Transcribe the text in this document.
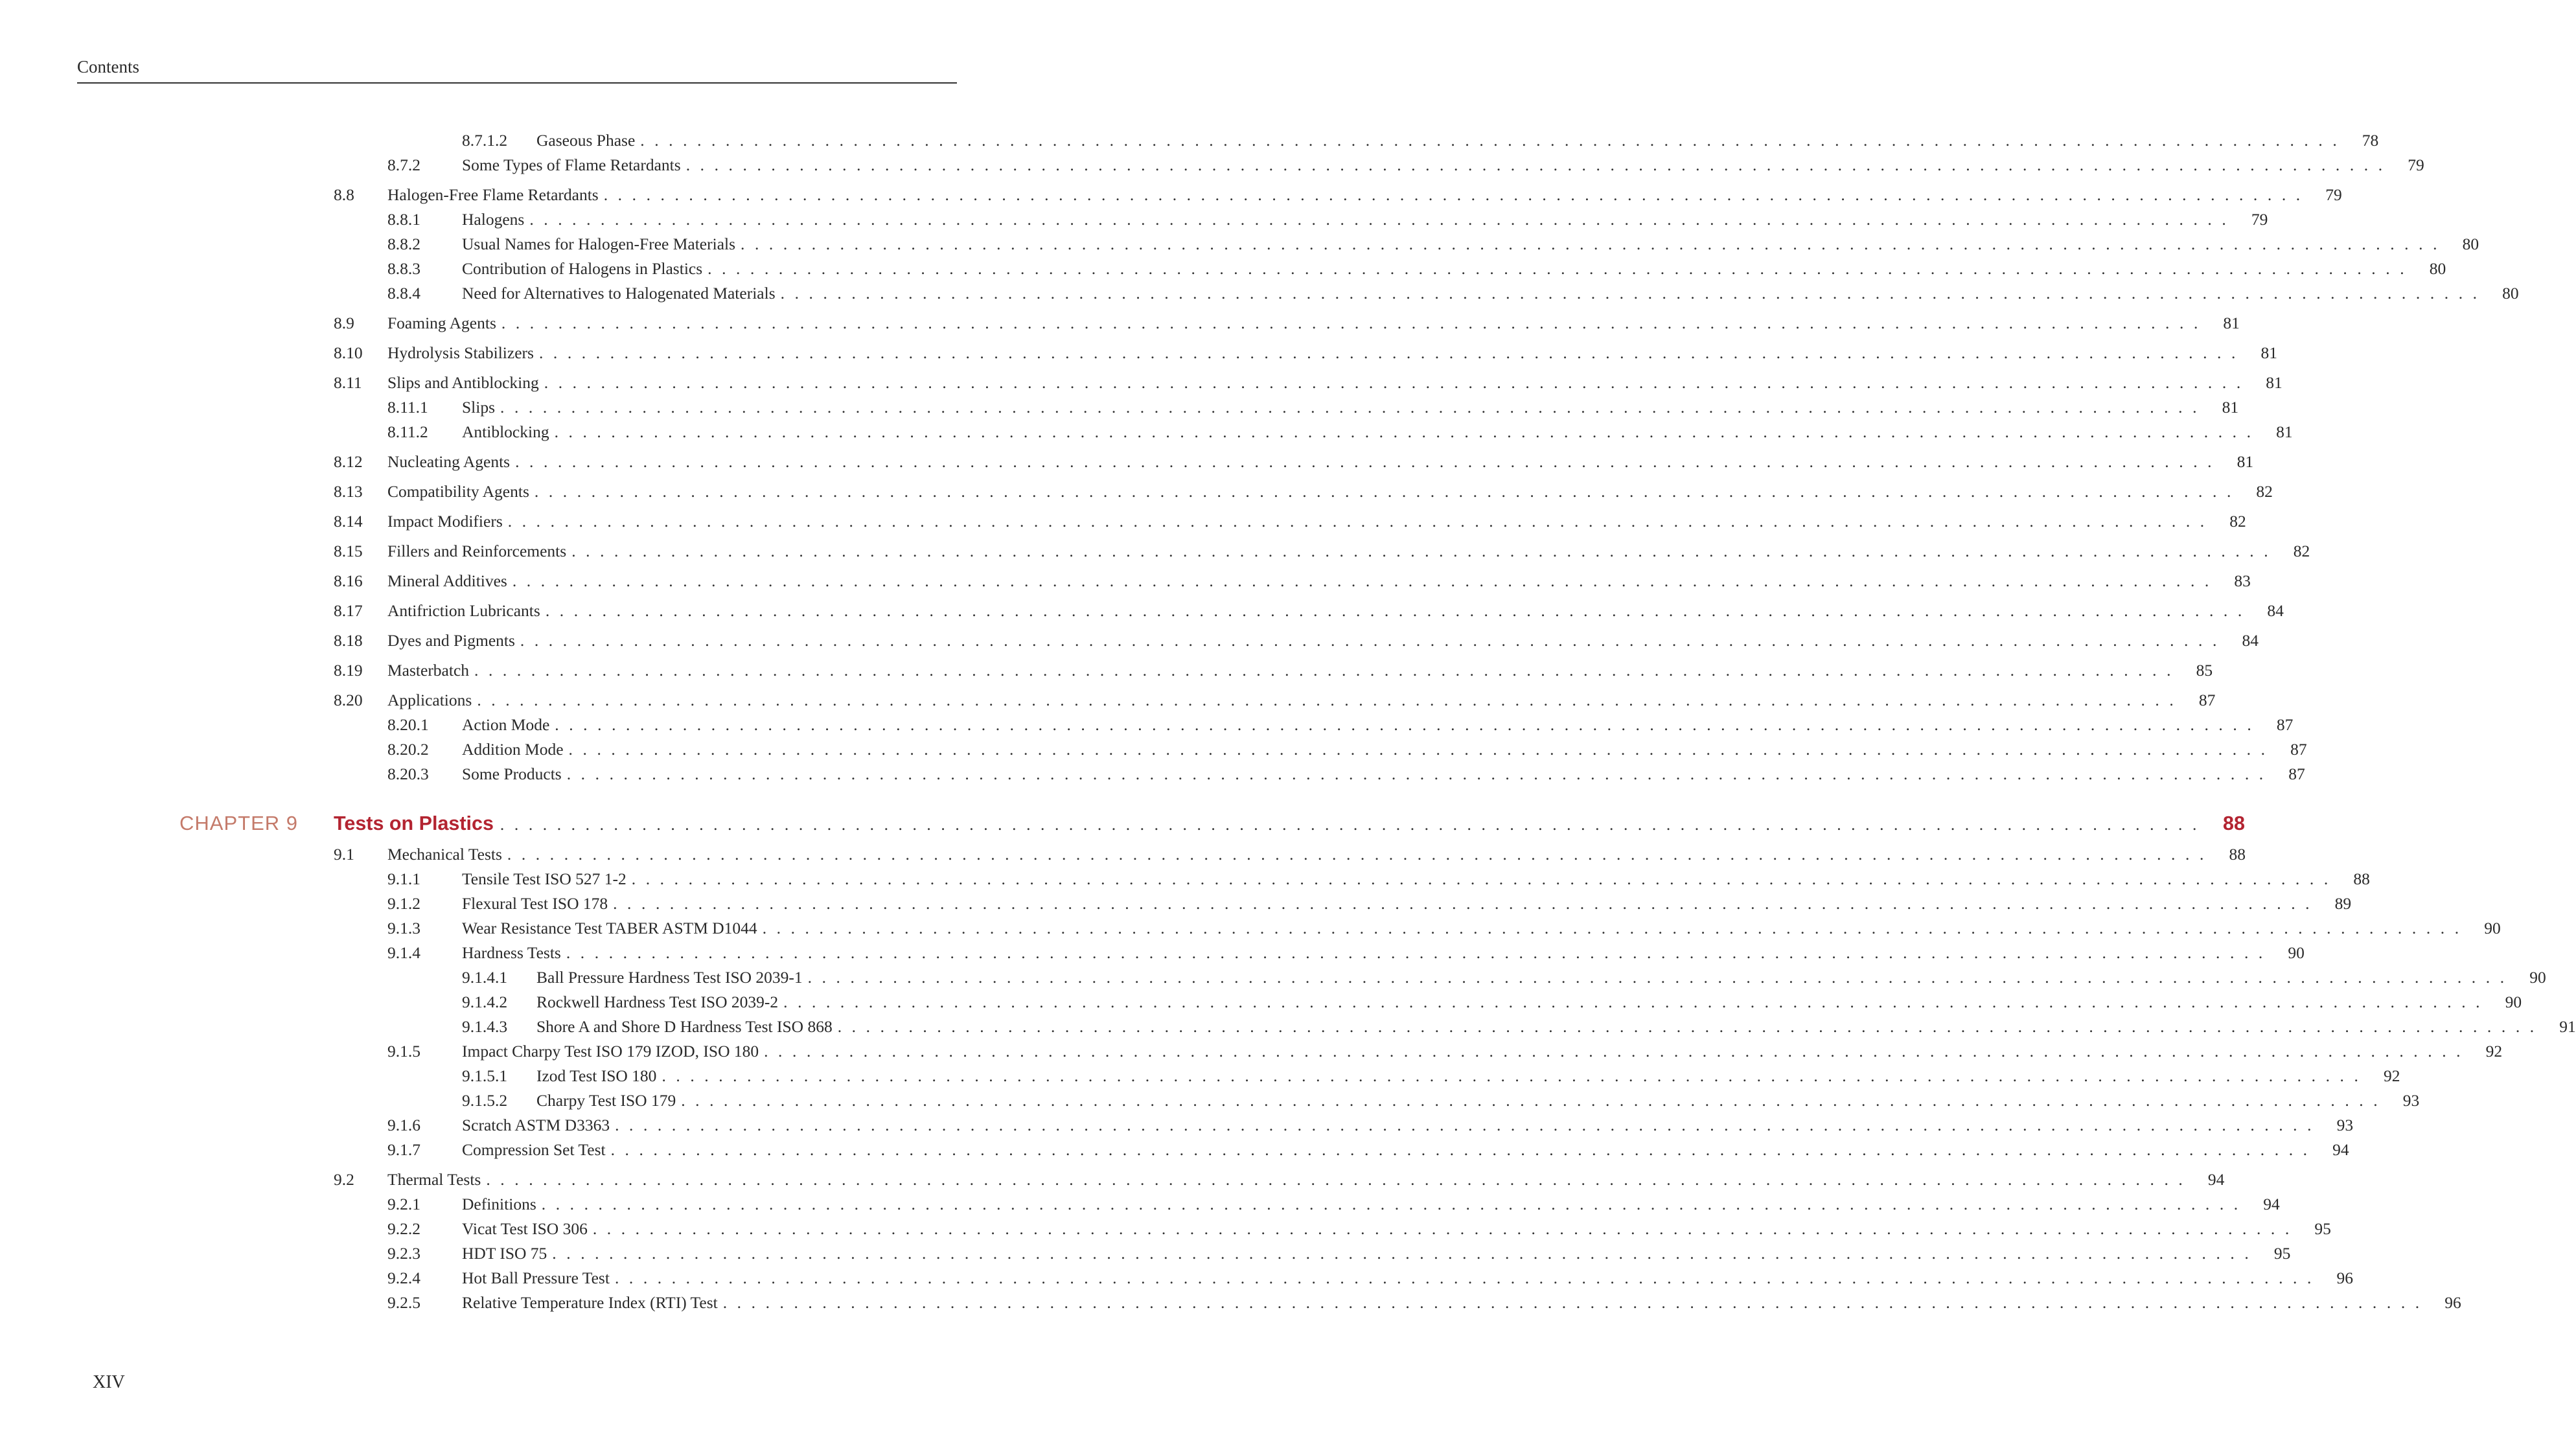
Contents
8.7.1.2	Gaseous Phase . . . . . . . . . . . . . . . . . . . . . . . . . . . . . . . . . . . . . . . . . . . . . . . . . . . . . . . . . . . . . . . . . . . . . . . . . . . . . . . . . . . . . . . . . . . . . . . . . . . . . . . . . . . . . . . . . . . . . . . .	78
8.7.2	Some Types of Flame Retardants . . . . . . . . . . . . . . . . . . . . . . . . . . . . . . . . . . . . . . . . . . . . . . . . . . . . . . . . . . . . . . . . . . . . . . . . . . . . . . . . . . . . . . . . . . . . . . . . . . . . . . . . . . . . . . . . . . . . . . . .	79
8.8	Halogen-Free Flame Retardants . . . . . . . . . . . . . . . . . . . . . . . . . . . . . . . . . . . . . . . . . . . . . . . . . . . . . . . . . . . . . . . . . . . . . . . . . . . . . . . . . . . . . . . . . . . . . . . . . . . . . . . . . . . . . . . . . . . . . . . .	79
8.8.1	Halogens . . . . . . . . . . . . . . . . . . . . . . . . . . . . . . . . . . . . . . . . . . . . . . . . . . . . . . . . . . . . . . . . . . . . . . . . . . . . . . . . . . . . . . . . . . . . . . . . . . . . . . . . . . . . . . . . . . . . . . . .	79
8.8.2	Usual Names for Halogen-Free Materials . . . . . . . . . . . . . . . . . . . . . . . . . . . . . . . . . . . . . . . . . . . . . . . . . . . . . . . . . . . . . . . . . . . . . . . . . . . . . . . . . . . . . . . . . . . . . . . . . . . . . . . . . . . . . . . . . . . . . . . .	80
8.8.3	Contribution of Halogens in Plastics . . . . . . . . . . . . . . . . . . . . . . . . . . . . . . . . . . . . . . . . . . . . . . . . . . . . . . . . . . . . . . . . . . . . . . . . . . . . . . . . . . . . . . . . . . . . . . . . . . . . . . . . . . . . . . . . . . . . . . . .	80
8.8.4	Need for Alternatives to Halogenated Materials . . . . . . . . . . . . . . . . . . . . . . . . . . . . . . . . . . . . . . . . . . . . . . . . . . . . . . . . . . . . . . . . . . . . . . . . . . . . . . . . . . . . . . . . . . . . . . . . . . . . . . . . . . . . . . . . . . . . . . . .	80
8.9	Foaming Agents . . . . . . . . . . . . . . . . . . . . . . . . . . . . . . . . . . . . . . . . . . . . . . . . . . . . . . . . . . . . . . . . . . . . . . . . . . . . . . . . . . . . . . . . . . . . . . . . . . . . . . . . . . . . . . . . . . . . . . . .	81
8.10	Hydrolysis Stabilizers . . . . . . . . . . . . . . . . . . . . . . . . . . . . . . . . . . . . . . . . . . . . . . . . . . . . . . . . . . . . . . . . . . . . . . . . . . . . . . . . . . . . . . . . . . . . . . . . . . . . . . . . . . . . . . . . . . . . . . . .	81
8.11	Slips and Antiblocking . . . . . . . . . . . . . . . . . . . . . . . . . . . . . . . . . . . . . . . . . . . . . . . . . . . . . . . . . . . . . . . . . . . . . . . . . . . . . . . . . . . . . . . . . . . . . . . . . . . . . . . . . . . . . . . . . . . . . . . .	81
8.11.1	Slips . . . . . . . . . . . . . . . . . . . . . . . . . . . . . . . . . . . . . . . . . . . . . . . . . . . . . . . . . . . . . . . . . . . . . . . . . . . . . . . . . . . . . . . . . . . . . . . . . . . . . . . . . . . . . . . . . . . . . . . .	81
8.11.2	Antiblocking . . . . . . . . . . . . . . . . . . . . . . . . . . . . . . . . . . . . . . . . . . . . . . . . . . . . . . . . . . . . . . . . . . . . . . . . . . . . . . . . . . . . . . . . . . . . . . . . . . . . . . . . . . . . . . . . . . . . . . . .	81
8.12	Nucleating Agents . . . . . . . . . . . . . . . . . . . . . . . . . . . . . . . . . . . . . . . . . . . . . . . . . . . . . . . . . . . . . . . . . . . . . . . . . . . . . . . . . . . . . . . . . . . . . . . . . . . . . . . . . . . . . . . . . . . . . . . .	81
8.13	Compatibility Agents . . . . . . . . . . . . . . . . . . . . . . . . . . . . . . . . . . . . . . . . . . . . . . . . . . . . . . . . . . . . . . . . . . . . . . . . . . . . . . . . . . . . . . . . . . . . . . . . . . . . . . . . . . . . . . . . . . . . . . . .	82
8.14	Impact Modifiers . . . . . . . . . . . . . . . . . . . . . . . . . . . . . . . . . . . . . . . . . . . . . . . . . . . . . . . . . . . . . . . . . . . . . . . . . . . . . . . . . . . . . . . . . . . . . . . . . . . . . . . . . . . . . . . . . . . . . . . .	82
8.15	Fillers and Reinforcements . . . . . . . . . . . . . . . . . . . . . . . . . . . . . . . . . . . . . . . . . . . . . . . . . . . . . . . . . . . . . . . . . . . . . . . . . . . . . . . . . . . . . . . . . . . . . . . . . . . . . . . . . . . . . . . . . . . . . . . .	82
8.16	Mineral Additives . . . . . . . . . . . . . . . . . . . . . . . . . . . . . . . . . . . . . . . . . . . . . . . . . . . . . . . . . . . . . . . . . . . . . . . . . . . . . . . . . . . . . . . . . . . . . . . . . . . . . . . . . . . . . . . . . . . . . . . .	83
8.17	Antifriction Lubricants . . . . . . . . . . . . . . . . . . . . . . . . . . . . . . . . . . . . . . . . . . . . . . . . . . . . . . . . . . . . . . . . . . . . . . . . . . . . . . . . . . . . . . . . . . . . . . . . . . . . . . . . . . . . . . . . . . . . . . . .	84
8.18	Dyes and Pigments . . . . . . . . . . . . . . . . . . . . . . . . . . . . . . . . . . . . . . . . . . . . . . . . . . . . . . . . . . . . . . . . . . . . . . . . . . . . . . . . . . . . . . . . . . . . . . . . . . . . . . . . . . . . . . . . . . . . . . . .	84
8.19	Masterbatch . . . . . . . . . . . . . . . . . . . . . . . . . . . . . . . . . . . . . . . . . . . . . . . . . . . . . . . . . . . . . . . . . . . . . . . . . . . . . . . . . . . . . . . . . . . . . . . . . . . . . . . . . . . . . . . . . . . . . . . .	85
8.20	Applications . . . . . . . . . . . . . . . . . . . . . . . . . . . . . . . . . . . . . . . . . . . . . . . . . . . . . . . . . . . . . . . . . . . . . . . . . . . . . . . . . . . . . . . . . . . . . . . . . . . . . . . . . . . . . . . . . . . . . . . .	87
8.20.1	Action Mode . . . . . . . . . . . . . . . . . . . . . . . . . . . . . . . . . . . . . . . . . . . . . . . . . . . . . . . . . . . . . . . . . . . . . . . . . . . . . . . . . . . . . . . . . . . . . . . . . . . . . . . . . . . . . . . . . . . . . . . .	87
8.20.2	Addition Mode . . . . . . . . . . . . . . . . . . . . . . . . . . . . . . . . . . . . . . . . . . . . . . . . . . . . . . . . . . . . . . . . . . . . . . . . . . . . . . . . . . . . . . . . . . . . . . . . . . . . . . . . . . . . . . . . . . . . . . . .	87
8.20.3	Some Products . . . . . . . . . . . . . . . . . . . . . . . . . . . . . . . . . . . . . . . . . . . . . . . . . . . . . . . . . . . . . . . . . . . . . . . . . . . . . . . . . . . . . . . . . . . . . . . . . . . . . . . . . . . . . . . . . . . . . . . .	87
CHAPTER 9 Tests on Plastics . . . . . . . . . . . . . . . . . . . . . . . . . . . . . . . . . . . . . . . . . . . . . . . . . . . . . . . . . . . . . . . . . . . . . . . . . . . . . . . . . . . . . . . . . . . . . . . . . . . . . . . . . . . . . . . . . . . . . . . .	88
9.1	Mechanical Tests . . . . . . . . . . . . . . . . . . . . . . . . . . . . . . . . . . . . . . . . . . . . . . . . . . . . . . . . . . . . . . . . . . . . . . . . . . . . . . . . . . . . . . . . . . . . . . . . . . . . . . . . . . . . . . . . . . . . . . . .	88
9.1.1	Tensile Test ISO 527 1-2 . . . . . . . . . . . . . . . . . . . . . . . . . . . . . . . . . . . . . . . . . . . . . . . . . . . . . . . . . . . . . . . . . . . . . . . . . . . . . . . . . . . . . . . . . . . . . . . . . . . . . . . . . . . . . . . . . . . . . . . .	88
9.1.2	Flexural Test ISO 178 . . . . . . . . . . . . . . . . . . . . . . . . . . . . . . . . . . . . . . . . . . . . . . . . . . . . . . . . . . . . . . . . . . . . . . . . . . . . . . . . . . . . . . . . . . . . . . . . . . . . . . . . . . . . . . . . . . . . . . . .	89
9.1.3	Wear Resistance Test TABER ASTM D1044 . . . . . . . . . . . . . . . . . . . . . . . . . . . . . . . . . . . . . . . . . . . . . . . . . . . . . . . . . . . . . . . . . . . . . . . . . . . . . . . . . . . . . . . . . . . . . . . . . . . . . . . . . . . . . . . . . . . . . . . .	90
9.1.4	Hardness Tests . . . . . . . . . . . . . . . . . . . . . . . . . . . . . . . . . . . . . . . . . . . . . . . . . . . . . . . . . . . . . . . . . . . . . . . . . . . . . . . . . . . . . . . . . . . . . . . . . . . . . . . . . . . . . . . . . . . . . . . .	90
9.1.4.1	Ball Pressure Hardness Test ISO 2039-1 . . . . . . . . . . . . . . . . . . . . . . . . . . . . . . . . . . . . . . . . . . . . . . . . . . . . . . . . . . . . . . . . . . . . . . . . . . . . . . . . . . . . . . . . . . . . . . . . . . . . . . . . . . . . . . . . . . . . . . . .	90
9.1.4.2	Rockwell Hardness Test ISO 2039-2 . . . . . . . . . . . . . . . . . . . . . . . . . . . . . . . . . . . . . . . . . . . . . . . . . . . . . . . . . . . . . . . . . . . . . . . . . . . . . . . . . . . . . . . . . . . . . . . . . . . . . . . . . . . . . . . . . . . . . . . .	90
9.1.4.3	Shore A and Shore D Hardness Test ISO 868 . . . . . . . . . . . . . . . . . . . . . . . . . . . . . . . . . . . . . . . . . . . . . . . . . . . . . . . . . . . . . . . . . . . . . . . . . . . . . . . . . . . . . . . . . . . . . . . . . . . . . . . . . . . . . . . . . . . . . . . .	91
9.1.5	Impact Charpy Test ISO 179 IZOD, ISO 180 . . . . . . . . . . . . . . . . . . . . . . . . . . . . . . . . . . . . . . . . . . . . . . . . . . . . . . . . . . . . . . . . . . . . . . . . . . . . . . . . . . . . . . . . . . . . . . . . . . . . . . . . . . . . . . . . . . . . . . . .	92
9.1.5.1	Izod Test ISO 180 . . . . . . . . . . . . . . . . . . . . . . . . . . . . . . . . . . . . . . . . . . . . . . . . . . . . . . . . . . . . . . . . . . . . . . . . . . . . . . . . . . . . . . . . . . . . . . . . . . . . . . . . . . . . . . . . . . . . . . . .	92
9.1.5.2	Charpy Test ISO 179 . . . . . . . . . . . . . . . . . . . . . . . . . . . . . . . . . . . . . . . . . . . . . . . . . . . . . . . . . . . . . . . . . . . . . . . . . . . . . . . . . . . . . . . . . . . . . . . . . . . . . . . . . . . . . . . . . . . . . . . .	93
9.1.6	Scratch ASTM D3363 . . . . . . . . . . . . . . . . . . . . . . . . . . . . . . . . . . . . . . . . . . . . . . . . . . . . . . . . . . . . . . . . . . . . . . . . . . . . . . . . . . . . . . . . . . . . . . . . . . . . . . . . . . . . . . . . . . . . . . . .	93
9.1.7	Compression Set Test . . . . . . . . . . . . . . . . . . . . . . . . . . . . . . . . . . . . . . . . . . . . . . . . . . . . . . . . . . . . . . . . . . . . . . . . . . . . . . . . . . . . . . . . . . . . . . . . . . . . . . . . . . . . . . . . . . . . . . . .	94
9.2	Thermal Tests . . . . . . . . . . . . . . . . . . . . . . . . . . . . . . . . . . . . . . . . . . . . . . . . . . . . . . . . . . . . . . . . . . . . . . . . . . . . . . . . . . . . . . . . . . . . . . . . . . . . . . . . . . . . . . . . . . . . . . . .	94
9.2.1	Definitions . . . . . . . . . . . . . . . . . . . . . . . . . . . . . . . . . . . . . . . . . . . . . . . . . . . . . . . . . . . . . . . . . . . . . . . . . . . . . . . . . . . . . . . . . . . . . . . . . . . . . . . . . . . . . . . . . . . . . . . .	94
9.2.2	Vicat Test ISO 306 . . . . . . . . . . . . . . . . . . . . . . . . . . . . . . . . . . . . . . . . . . . . . . . . . . . . . . . . . . . . . . . . . . . . . . . . . . . . . . . . . . . . . . . . . . . . . . . . . . . . . . . . . . . . . . . . . . . . . . . .	95
9.2.3	HDT ISO 75 . . . . . . . . . . . . . . . . . . . . . . . . . . . . . . . . . . . . . . . . . . . . . . . . . . . . . . . . . . . . . . . . . . . . . . . . . . . . . . . . . . . . . . . . . . . . . . . . . . . . . . . . . . . . . . . . . . . . . . . .	95
9.2.4	Hot Ball Pressure Test . . . . . . . . . . . . . . . . . . . . . . . . . . . . . . . . . . . . . . . . . . . . . . . . . . . . . . . . . . . . . . . . . . . . . . . . . . . . . . . . . . . . . . . . . . . . . . . . . . . . . . . . . . . . . . . . . . . . . . . .	96
9.2.5	Relative Temperature Index (RTI) Test . . . . . . . . . . . . . . . . . . . . . . . . . . . . . . . . . . . . . . . . . . . . . . . . . . . . . . . . . . . . . . . . . . . . . . . . . . . . . . . . . . . . . . . . . . . . . . . . . . . . . . . . . . . . . . . . . . . . . . . .	96
XIV
